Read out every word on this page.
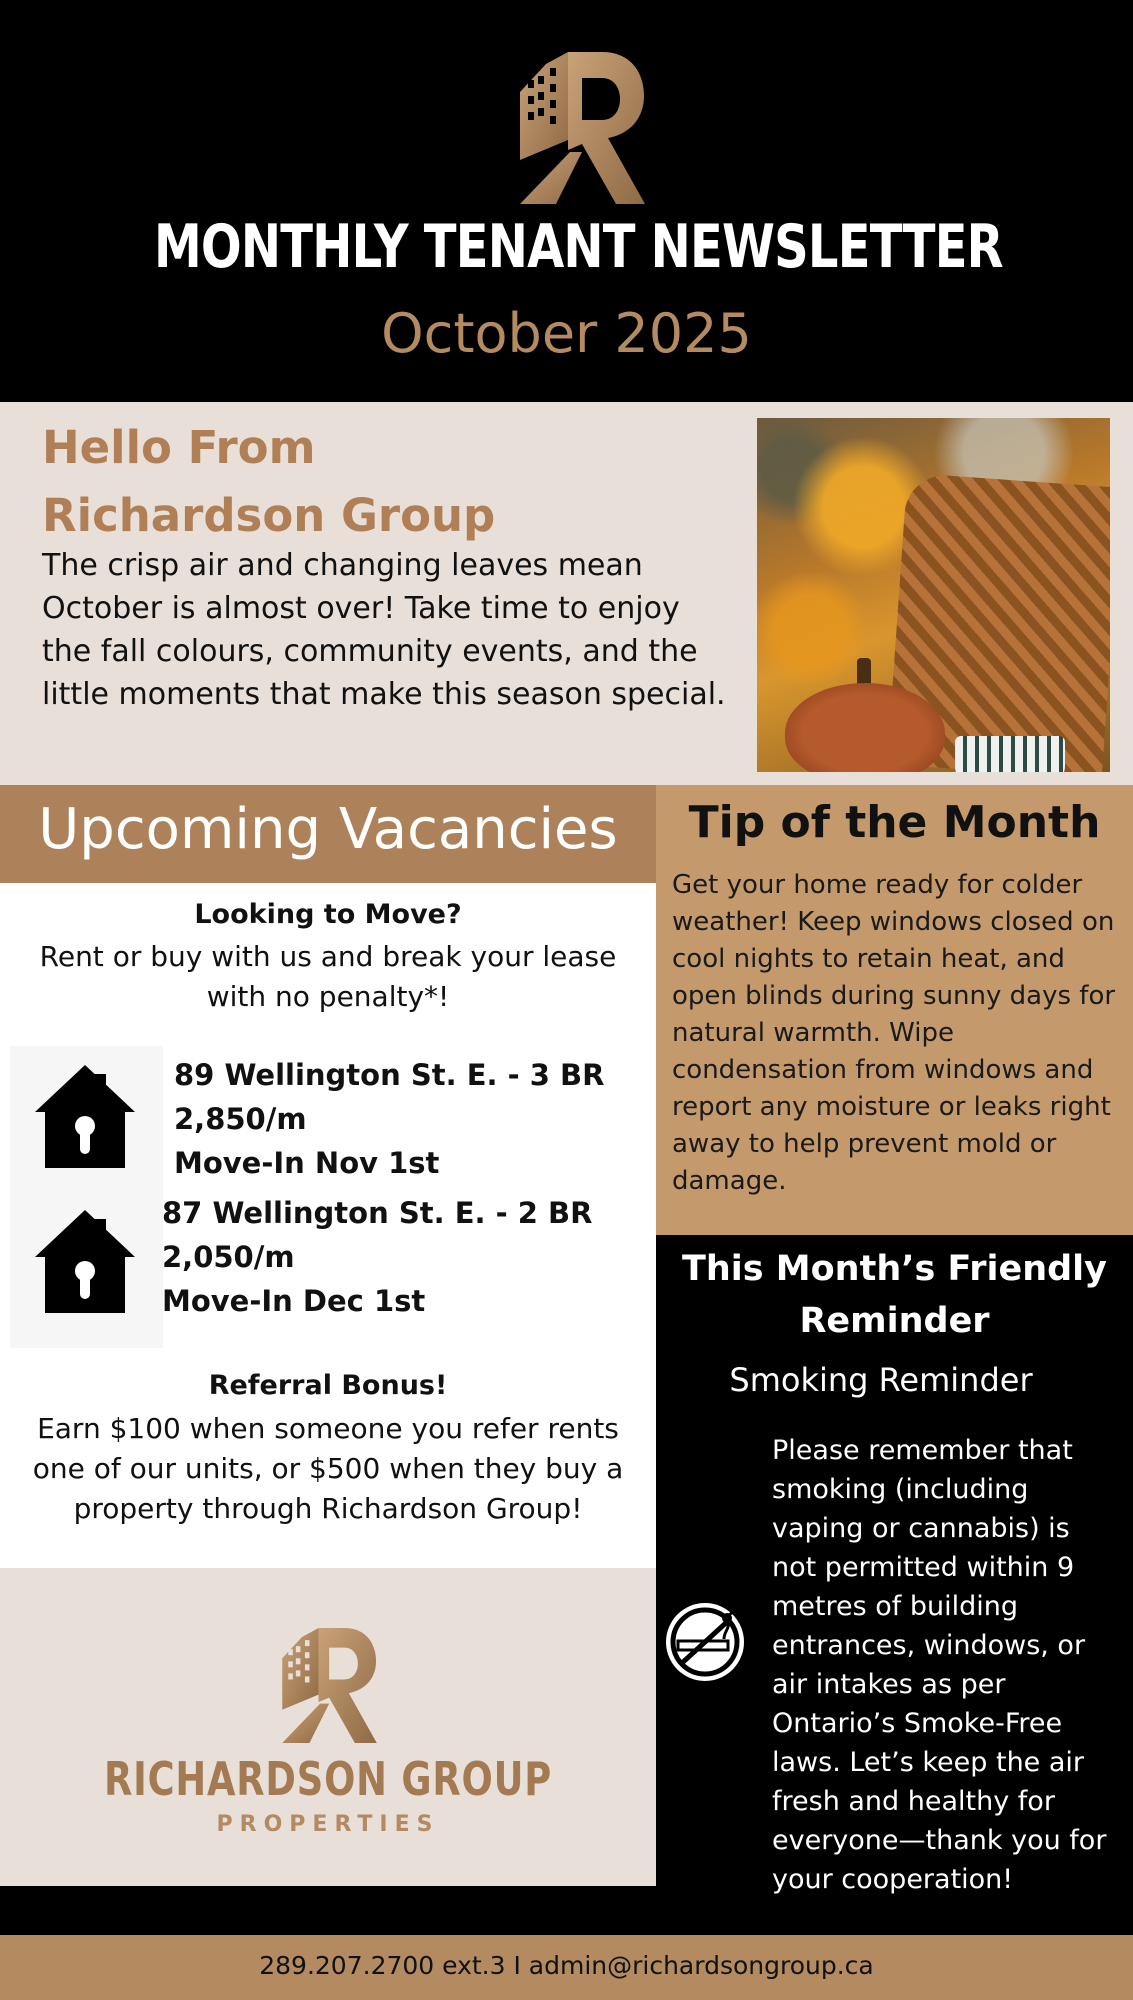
MONTHLY TENANT NEWSLETTER
October 2025
Hello From
Richardson Group
The crisp air and changing leaves mean October is almost over! Take time to enjoy the fall colours, community events, and the little moments that make this season special.
Upcoming Vacancies
Looking to Move?
Rent or buy with us and break your lease with no penalty*!
89 Wellington St. E. - 3 BR
2,850/m
Move-In Nov 1st
87 Wellington St. E. - 2 BR
2,050/m
Move-In Dec 1st
Referral Bonus!
Earn $100 when someone you refer rents one of our units, or $500 when they buy a property through Richardson Group!
RICHARDSON GROUP
PROPERTIES
Tip of the Month
Get your home ready for colder weather! Keep windows closed on cool nights to retain heat, and open blinds during sunny days for natural warmth. Wipe condensation from windows and report any moisture or leaks right away to help prevent mold or damage.
This Month’s Friendly Reminder
Smoking Reminder
Please remember that smoking (including vaping or cannabis) is not permitted within 9 metres of building entrances, windows, or air intakes as per Ontario’s Smoke-Free laws. Let’s keep the air fresh and healthy for everyone—thank you for your cooperation!
289.207.2700 ext.3 I admin@richardsongroup.ca
